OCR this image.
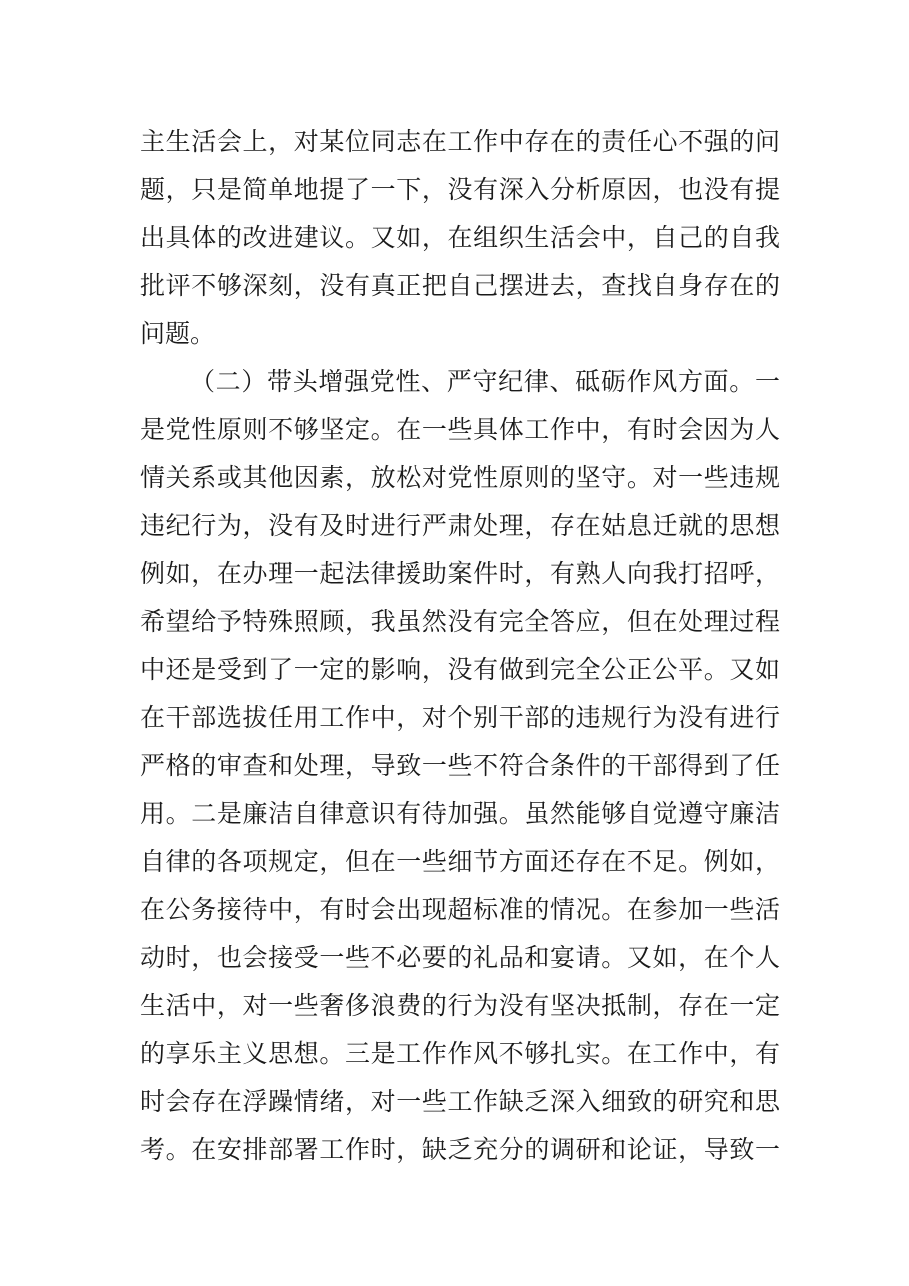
主生活会上，对某位同志在工作中存在的责任心不强的问
题，只是简单地提了一下，没有深入分析原因，也没有提
出具体的改进建议。又如，在组织生活会中，自己的自我
批评不够深刻，没有真正把自己摆进去，查找自身存在的
问题。
（二）带头增强党性、严守纪律、砥砺作风方面。一
是党性原则不够坚定。在一些具体工作中，有时会因为人
情关系或其他因素，放松对党性原则的坚守。对一些违规
违纪行为，没有及时进行严肃处理，存在姑息迁就的思想
例如，在办理一起法律援助案件时，有熟人向我打招呼，
希望给予特殊照顾，我虽然没有完全答应，但在处理过程
中还是受到了一定的影响，没有做到完全公正公平。又如
在干部选拔任用工作中，对个别干部的违规行为没有进行
严格的审查和处理，导致一些不符合条件的干部得到了任
用。二是廉洁自律意识有待加强。虽然能够自觉遵守廉洁
自律的各项规定，但在一些细节方面还存在不足。例如，
在公务接待中，有时会出现超标准的情况。在参加一些活
动时，也会接受一些不必要的礼品和宴请。又如，在个人
生活中，对一些奢侈浪费的行为没有坚决抵制，存在一定
的享乐主义思想。三是工作作风不够扎实。在工作中，有
时会存在浮躁情绪，对一些工作缺乏深入细致的研究和思
考。在安排部署工作时，缺乏充分的调研和论证，导致一
